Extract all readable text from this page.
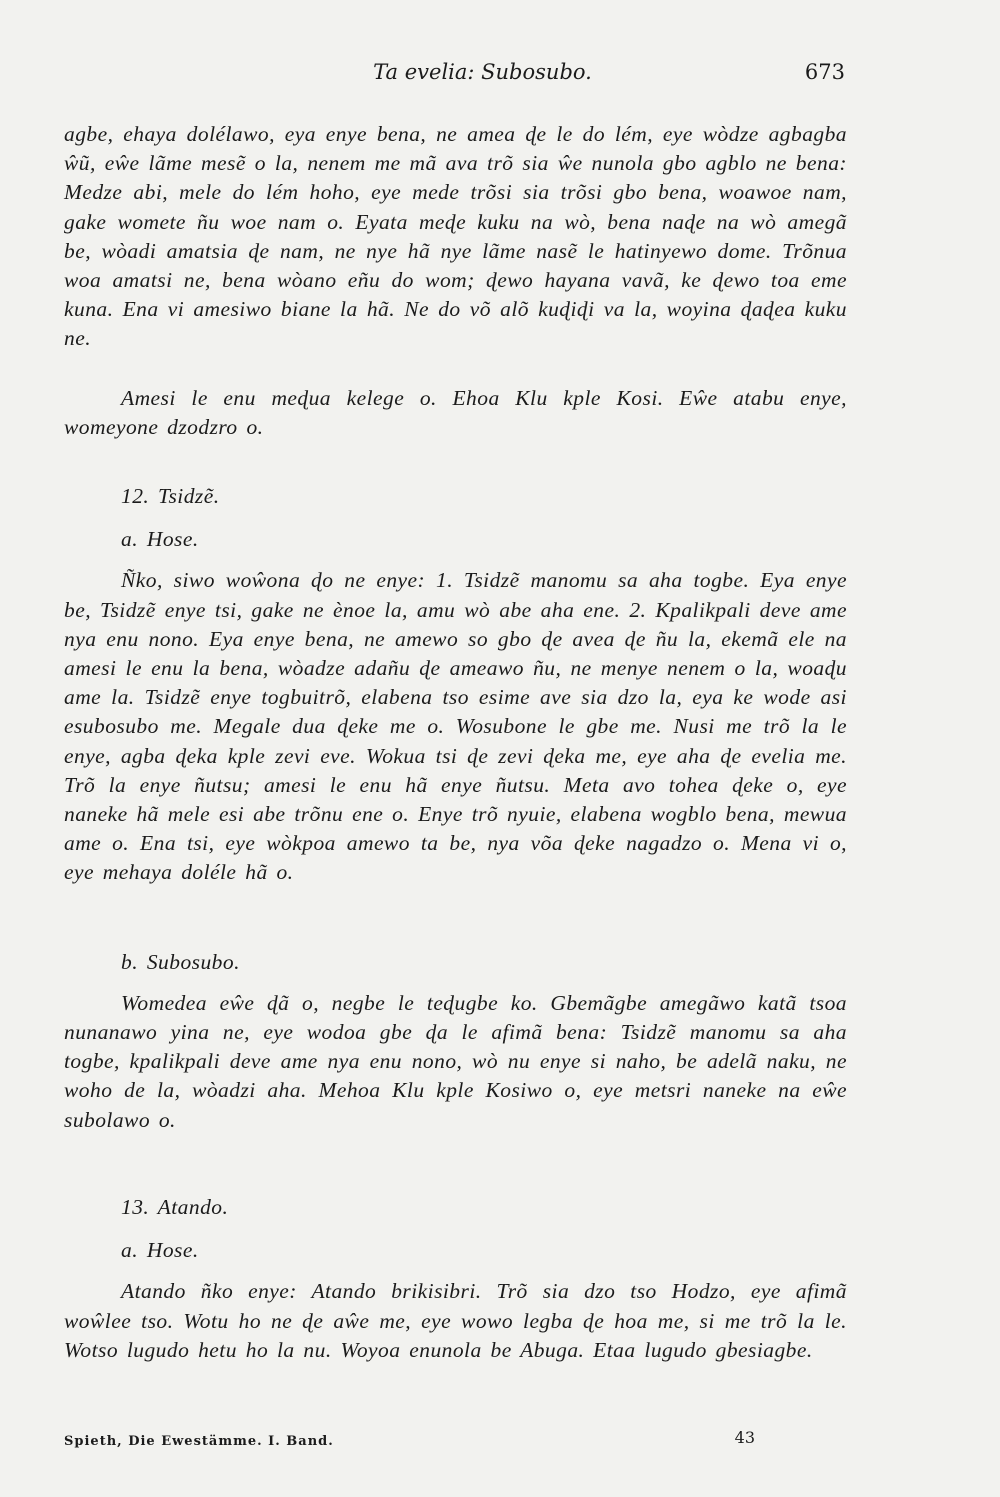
Ta evelia: Subosubo.	673

agbe, ehaya dolélawo, eya enye bena, ne amea ɖe le do lém, eye wòdze agbagba ŵũ, eŵe lãme mesẽ o la, nenem me mã ava trõ sia ŵe nunola gbo agblo ne bena: Medze abi, mele do lém hoho, eye mede trõsi sia trõsi gbo bena, woawoe nam, gake womete ñu woe nam o. Eyata meɖe kuku na wò, bena naɖe na wò amegã be, wòadi amatsia ɖe nam, ne nye hã nye lãme nasẽ le hatinyewo dome. Trõnua woa amatsi ne, bena wòano eñu do wom; ɖewo hayana vavã, ke ɖewo toa eme kuna. Ena vi amesiwo biane la hã. Ne do võ alõ kuɖiɖi va la, woyina ɖaɖea kuku ne.

Amesi le enu meɖua kelege o. Ehoa Klu kple Kosi. Eŵe atabu enye, womeyone dzodzro o.

12. Tsidzẽ.

a. Hose.

Ñko, siwo woŵona ɖo ne enye: 1. Tsidzẽ manomu sa aha togbe. Eya enye be, Tsidzẽ enye tsi, gake ne ènoe la, amu wò abe aha ene. 2. Kpalikpali deve ame nya enu nono. Eya enye bena, ne amewo so gbo ɖe avea ɖe ñu la, ekemã ele na amesi le enu la bena, wòadze adañu ɖe ameawo ñu, ne menye nenem o la, woaɖu ame la. Tsidzẽ enye togbuitrõ, elabena tso esime ave sia dzo la, eya ke wode asi esubosubo me. Megale dua ɖeke me o. Wosubone le gbe me. Nusi me trõ la le enye, agba ɖeka kple zevi eve. Wokua tsi ɖe zevi ɖeka me, eye aha ɖe evelia me. Trõ la enye ñutsu; amesi le enu hã enye ñutsu. Meta avo tohea ɖeke o, eye naneke hã mele esi abe trõnu ene o. Enye trõ nyuie, elabena wogblo bena, mewua ame o. Ena tsi, eye wòkpoa amewo ta be, nya võa ɖeke nagadzo o. Mena vi o, eye mehaya doléle hã o.

b. Subosubo.

Womedea eŵe ɖã o, negbe le teɖugbe ko. Gbemãgbe amegãwo katã tsoa nunanawo yina ne, eye wodoa gbe ɖa le afimã bena: Tsidzẽ manomu sa aha togbe, kpalikpali deve ame nya enu nono, wò nu enye si naho, be adelã naku, ne woho de la, wòadzi aha. Mehoa Klu kple Kosiwo o, eye metsri naneke na eŵe subolawo o.

13. Atando.

a. Hose.

Atando ñko enye: Atando brikisibri. Trõ sia dzo tso Hodzo, eye afimã woŵlee tso. Wotu ho ne ɖe aŵe me, eye wowo legba ɖe hoa me, si me trõ la le. Wotso lugudo hetu ho la nu. Woyoa enunola be Abuga. Etaa lugudo gbesiagbe.

Spieth, Die Ewestämme. I. Band.	43
